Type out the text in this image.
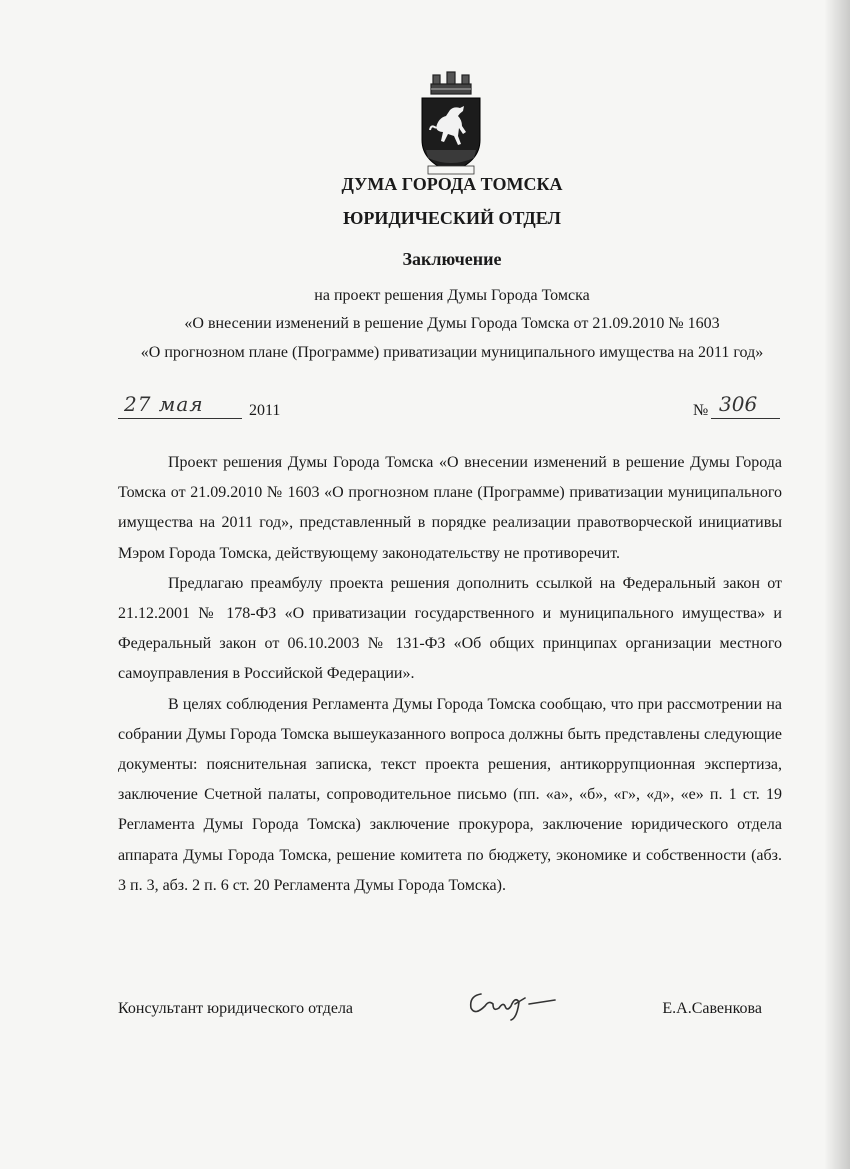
ДУМА ГОРОДА ТОМСКА
ЮРИДИЧЕСКИЙ ОТДЕЛ
Заключение
на проект решения Думы Города Томска
«О внесении изменений в решение Думы Города Томска от 21.09.2010 № 1603
«О прогнозном плане (Программе) приватизации муниципального имущества на 2011 год»
27 мая	2011	№ 306

Проект решения Думы Города Томска «О внесении изменений в решение Думы Города Томска от 21.09.2010 № 1603 «О прогнозном плане (Программе) приватизации муниципального имущества на 2011 год», представленный в порядке реализации правотворческой инициативы Мэром Города Томска, действующему законодательству не противоречит.

Предлагаю преамбулу проекта решения дополнить ссылкой на Федеральный закон от 21.12.2001 № 178-ФЗ «О приватизации государственного и муниципального имущества» и Федеральный закон от 06.10.2003 № 131-ФЗ «Об общих принципах организации местного самоуправления в Российской Федерации».

В целях соблюдения Регламента Думы Города Томска сообщаю, что при рассмотрении на собрании Думы Города Томска вышеуказанного вопроса должны быть представлены следующие документы: пояснительная записка, текст проекта решения, антикоррупционная экспертиза, заключение Счетной палаты, сопроводительное письмо (пп. «а», «б», «г», «д», «е» п. 1 ст. 19 Регламента Думы Города Томска) заключение прокурора, заключение юридического отдела аппарата Думы Города Томска, решение комитета по бюджету, экономике и собственности (абз. 3 п. 3, абз. 2 п. 6 ст. 20 Регламента Думы Города Томска).

Консультант юридического отдела	Е.А.Савенкова
